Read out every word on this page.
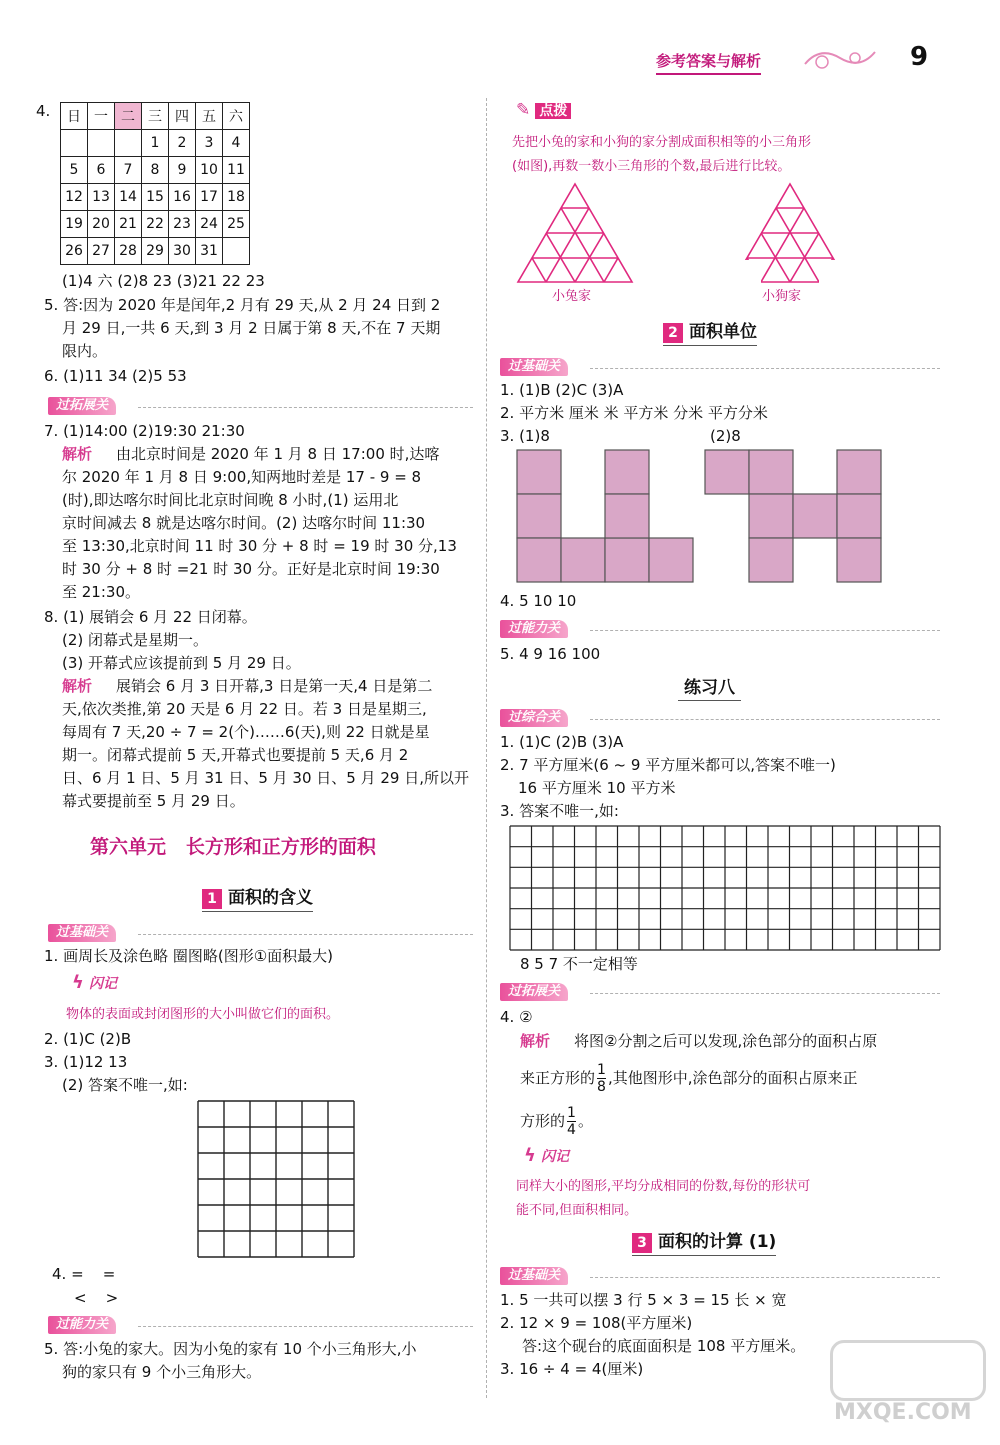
参考答案与解析	9
4. 日	一	二	三	四	五	六
			1	2	3	4
5	6	7	8	9	10	11
12	13	14	15	16	17	18
19	20	21	22	23	24	25
26	27	28	29	30	31	
(1)4 六 (2)8 23 (3)21 22 23
5. 答:因为 2020 年是闰年,2 月有 29 天,从 2 月 24 日到 2
月 29 日,一共 6 天,到 3 月 2 日属于第 8 天,不在 7 天期
限内。
6. (1)11 34 (2)5 53
过拓展关
7. (1)14:00 (2)19:30 21:30
解析 由北京时间是 2020 年 1 月 8 日 17:00 时,达喀
尔 2020 年 1 月 8 日 9:00,知两地时差是 17 - 9 = 8
(时),即达喀尔时间比北京时间晚 8 小时,(1) 运用北
京时间减去 8 就是达喀尔时间。(2) 达喀尔时间 11:30
至 13:30,北京时间 11 时 30 分 + 8 时 = 19 时 30 分,13
时 30 分 + 8 时 =21 时 30 分。正好是北京时间 19:30
至 21:30。
8. (1) 展销会 6 月 22 日闭幕。
(2) 闭幕式是星期一。
(3) 开幕式应该提前到 5 月 29 日。
解析 展销会 6 月 3 日开幕,3 日是第一天,4 日是第二
天,依次类推,第 20 天是 6 月 22 日。若 3 日是星期三,
每周有 7 天,20 ÷ 7 = 2(个)……6(天),则 22 日就是星
期一。闭幕式提前 5 天,开幕式也要提前 5 天,6 月 2
日、6 月 1 日、5 月 31 日、5 月 30 日、5 月 29 日,所以开
幕式要提前至 5 月 29 日。
第六单元   长方形和正方形的面积
1 面积的含义
过基础关
1. 画周长及涂色略 圈图略(图形①面积最大)
ϟ 闪记
物体的表面或封闭图形的大小叫做它们的面积。
2. (1)C (2)B
3. (1)12 13
(2) 答案不唯一,如:
4. =    =
<    >
过能力关
5. 答:小兔的家大。因为小兔的家有 10 个小三角形大,小
狗的家只有 9 个小三角形大。
✎ 点拨
先把小兔的家和小狗的家分割成面积相等的小三角形
(如图),再数一数小三角形的个数,最后进行比较。
小兔家	小狗家
2 面积单位
过基础关
1. (1)B (2)C (3)A
2. 平方米 厘米 米 平方米 分米 平方分米
3. (1)8	(2)8
4. 5 10 10
过能力关
5. 4 9 16 100
练习八
过综合关
1. (1)C (2)B (3)A
2. 7 平方厘米(6 ~ 9 平方厘米都可以,答案不唯一)
16 平方厘米 10 平方米
3. 答案不唯一,如:
8 5 7 不一定相等
过拓展关
4. ②
解析 将图②分割之后可以发现,涂色部分的面积占原
来正方形的 $\frac{1}{8}$ ,其他图形中,涂色部分的面积占原来正
方形的 $\frac{1}{4}$ 。
ϟ 闪记
同样大小的图形,平均分成相同的份数,每份的形状可
能不同,但面积相同。
3 面积的计算 (1)
过基础关
1. 5 一共可以摆 3 行 5 × 3 = 15 长 × 宽
2. 12 × 9 = 108(平方厘米)
答:这个砚台的底面面积是 108 平方厘米。
3. 16 ÷ 4 = 4(厘米)
MXQE.COM
